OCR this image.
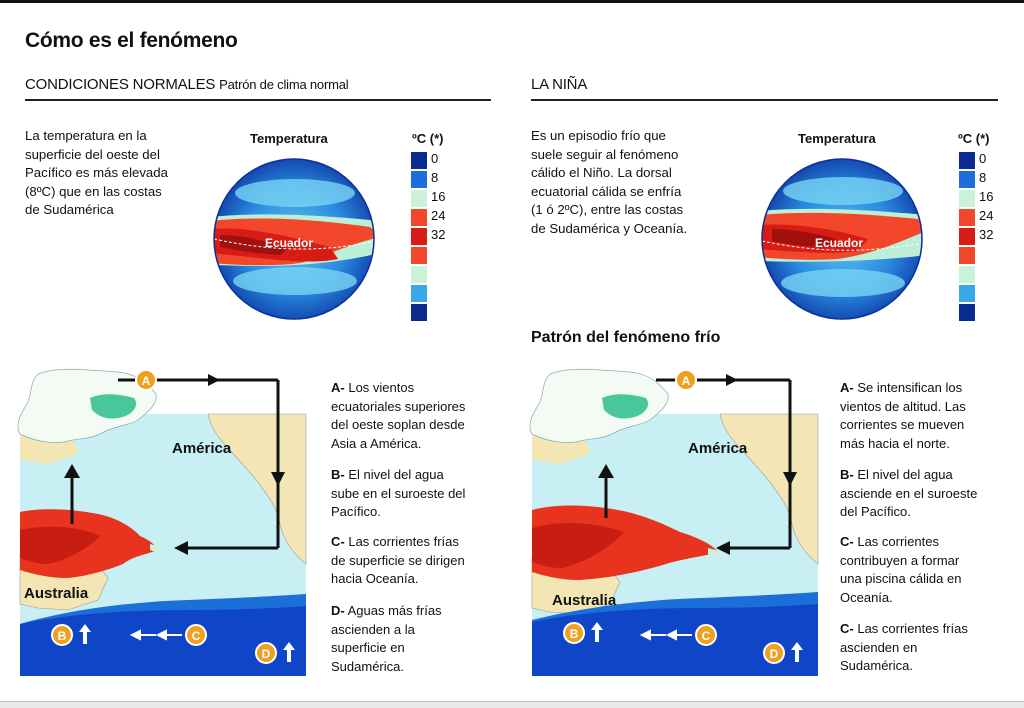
Cómo es el fenómeno
CONDICIONES NORMALES Patrón de clima normal
La temperatura en la
superficie del oeste del
Pacífico es más elevada
(8ºC) que en las costas
de Sudamérica
Temperatura
Ecuador
ºC (*)
0
8
16
24
32
A
B	C
D
América
Australia
A- Los vientos
ecuatoriales superiores
del oeste soplan desde
Asia a América.
B- El nivel del agua
sube en el suroeste del
Pacífico.
C- Las corrientes frías
de superficie se dirigen
hacia Oceanía.
D- Aguas más frías
ascienden a la
superficie en
Sudamérica.
LA NIÑA
Es un episodio frío que
suele seguir al fenómeno
cálido el Niño. La dorsal
ecuatorial cálida se enfría
(1 ó 2ºC), entre las costas
de Sudamérica y Oceanía.
Temperatura
Ecuador
ºC (*)
0
8
16
24
32
Patrón del fenómeno frío
A
B	C
D
América
Australia
A- Se intensifican los
vientos de altitud. Las
corrientes se mueven
más hacia el norte.
B- El nivel del agua
asciende en el suroeste
del Pacífico.
C- Las corrientes
contribuyen a formar
una piscina cálida en
Oceanía.
C- Las corrientes frías
ascienden en
Sudamérica.
